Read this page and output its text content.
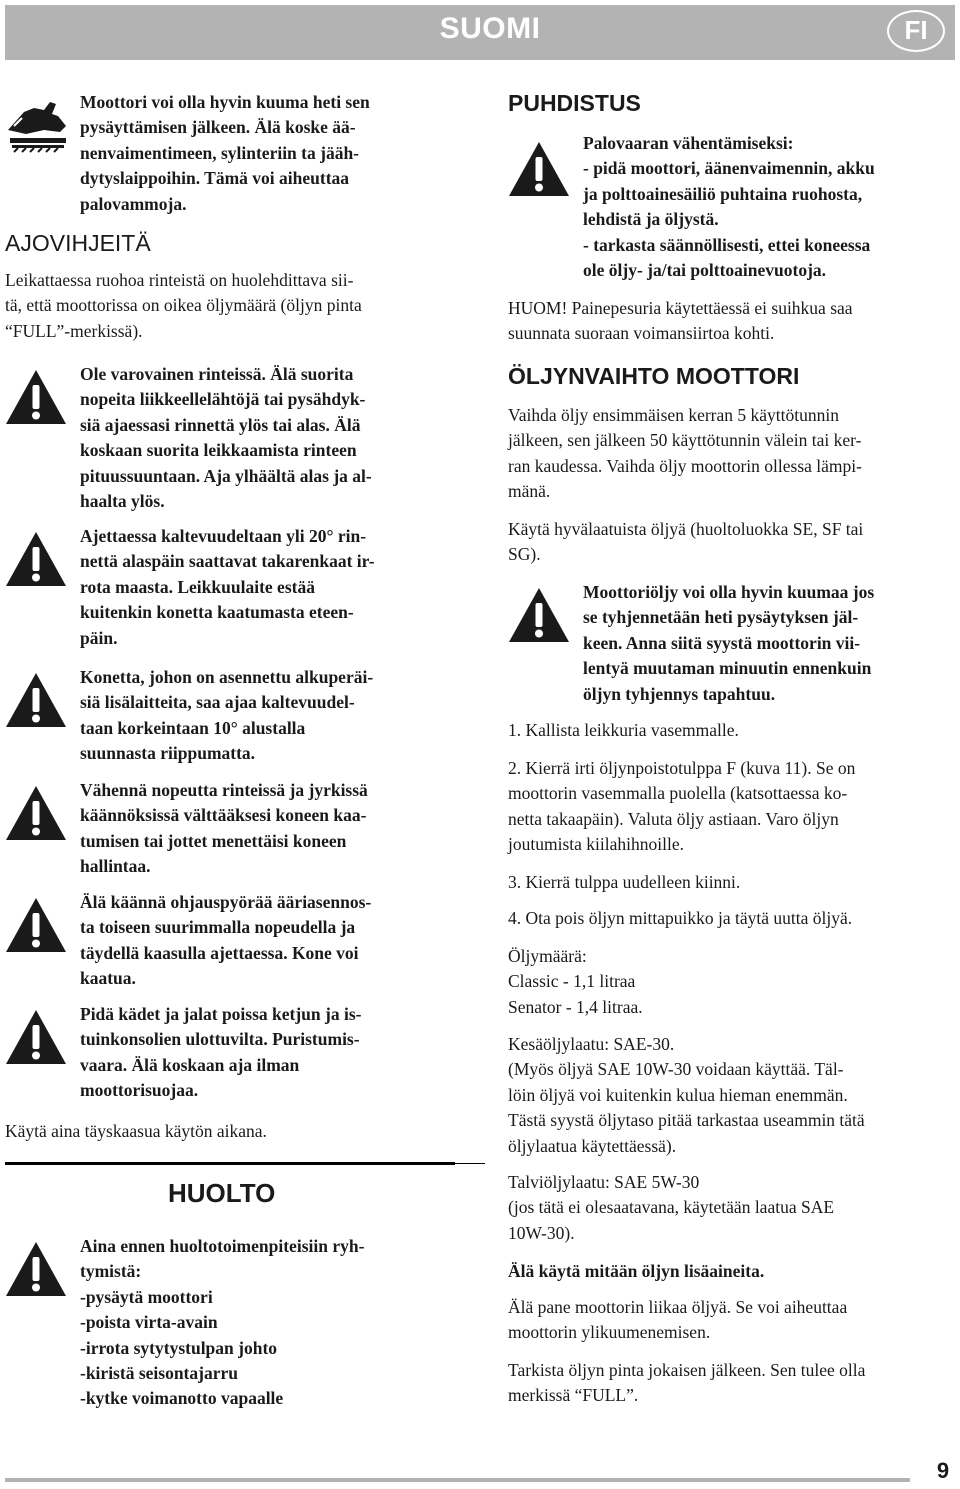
SUOMI	FI
Moottori voi olla hyvin kuuma heti sen
pysäyttämisen jälkeen. Älä koske ää-
nenvaimentimeen, sylinteriin ta jääh-
dytyslaippoihin. Tämä voi aiheuttaa
palovammoja.
AJOVIHJEITÄ
Leikattaessa ruohoa rinteistä on huolehdittava sii-
tä, että moottorissa on oikea öljymäärä (öljyn pinta
“FULL”-merkissä).
Ole varovainen rinteissä. Älä suorita
nopeita liikkeellelähtöjä tai pysähdyk-
siä ajaessasi rinnettä ylös tai alas. Älä
koskaan suorita leikkaamista rinteen
pituussuuntaan. Aja ylhäältä alas ja al-
haalta ylös.
Ajettaessa kaltevuudeltaan yli 20° rin-
nettä alaspäin saattavat takarenkaat ir-
rota maasta. Leikkuulaite estää
kuitenkin konetta kaatumasta eteen-
päin.
Konetta, johon on asennettu alkuperäi-
siä lisälaitteita, saa ajaa kaltevuudel-
taan korkeintaan 10° alustalla
suunnasta riippumatta.
Vähennä nopeutta rinteissä ja jyrkissä
käännöksissä välttääksesi koneen kaa-
tumisen tai jottet menettäisi koneen
hallintaa.
Älä käännä ohjauspyörää ääriasennos-
ta toiseen suurimmalla nopeudella ja
täydellä kaasulla ajettaessa. Kone voi
kaatua.
Pidä kädet ja jalat poissa ketjun ja is-
tuinkonsolien ulottuvilta. Puristumis-
vaara. Älä koskaan aja ilman
moottorisuojaa.
Käytä aina täyskaasua käytön aikana.
HUOLTO
Aina ennen huoltotoimenpiteisiin ryh-
tymistä:
-pysäytä moottori
-poista virta-avain
-irrota sytytystulpan johto
-kiristä seisontajarru
-kytke voimanotto vapaalle
PUHDISTUS
Palovaaran vähentämiseksi:
- pidä moottori, äänenvaimennin, akku
ja polttoainesäiliö puhtaina ruohosta,
lehdistä ja öljystä.
- tarkasta säännöllisesti, ettei koneessa
ole öljy- ja/tai polttoainevuotoja.
HUOM! Painepesuria käytettäessä ei suihkua saa
suunnata suoraan voimansiirtoa kohti.
ÖLJYNVAIHTO MOOTTORI
Vaihda öljy ensimmäisen kerran 5 käyttötunnin
jälkeen, sen jälkeen 50 käyttötunnin välein tai ker-
ran kaudessa. Vaihda öljy moottorin ollessa lämpi-
mänä.
Käytä hyvälaatuista öljyä (huoltoluokka SE, SF tai
SG).
Moottoriöljy voi olla hyvin kuumaa jos
se tyhjennetään heti pysäytyksen jäl-
keen. Anna siitä syystä moottorin vii-
lentyä muutaman minuutin ennenkuin
öljyn tyhjennys tapahtuu.
1. Kallista leikkuria vasemmalle.
2. Kierrä irti öljynpoistotulppa F (kuva 11). Se on
moottorin vasemmalla puolella (katsottaessa ko-
netta takaapäin). Valuta öljy astiaan. Varo öljyn
joutumista kiilahihnoille.
3. Kierrä tulppa uudelleen kiinni.
4. Ota pois öljyn mittapuikko ja täytä uutta öljyä.
Öljymäärä:
Classic - 1,1 litraa
Senator - 1,4 litraa.
Kesäöljylaatu: SAE-30.
(Myös öljyä SAE 10W-30 voidaan käyttää. Täl-
löin öljyä voi kuitenkin kulua hieman enemmän.
Tästä syystä öljytaso pitää tarkastaa useammin tätä
öljylaatua käytettäessä).
Talviöljylaatu: SAE 5W-30
(jos tätä ei olesaatavana, käytetään laatua SAE
10W-30).
Älä käytä mitään öljyn lisäaineita.
Älä pane moottorin liikaa öljyä. Se voi aiheuttaa
moottorin ylikuumenemisen.
Tarkista öljyn pinta jokaisen jälkeen. Sen tulee olla
merkissä “FULL”.
9
